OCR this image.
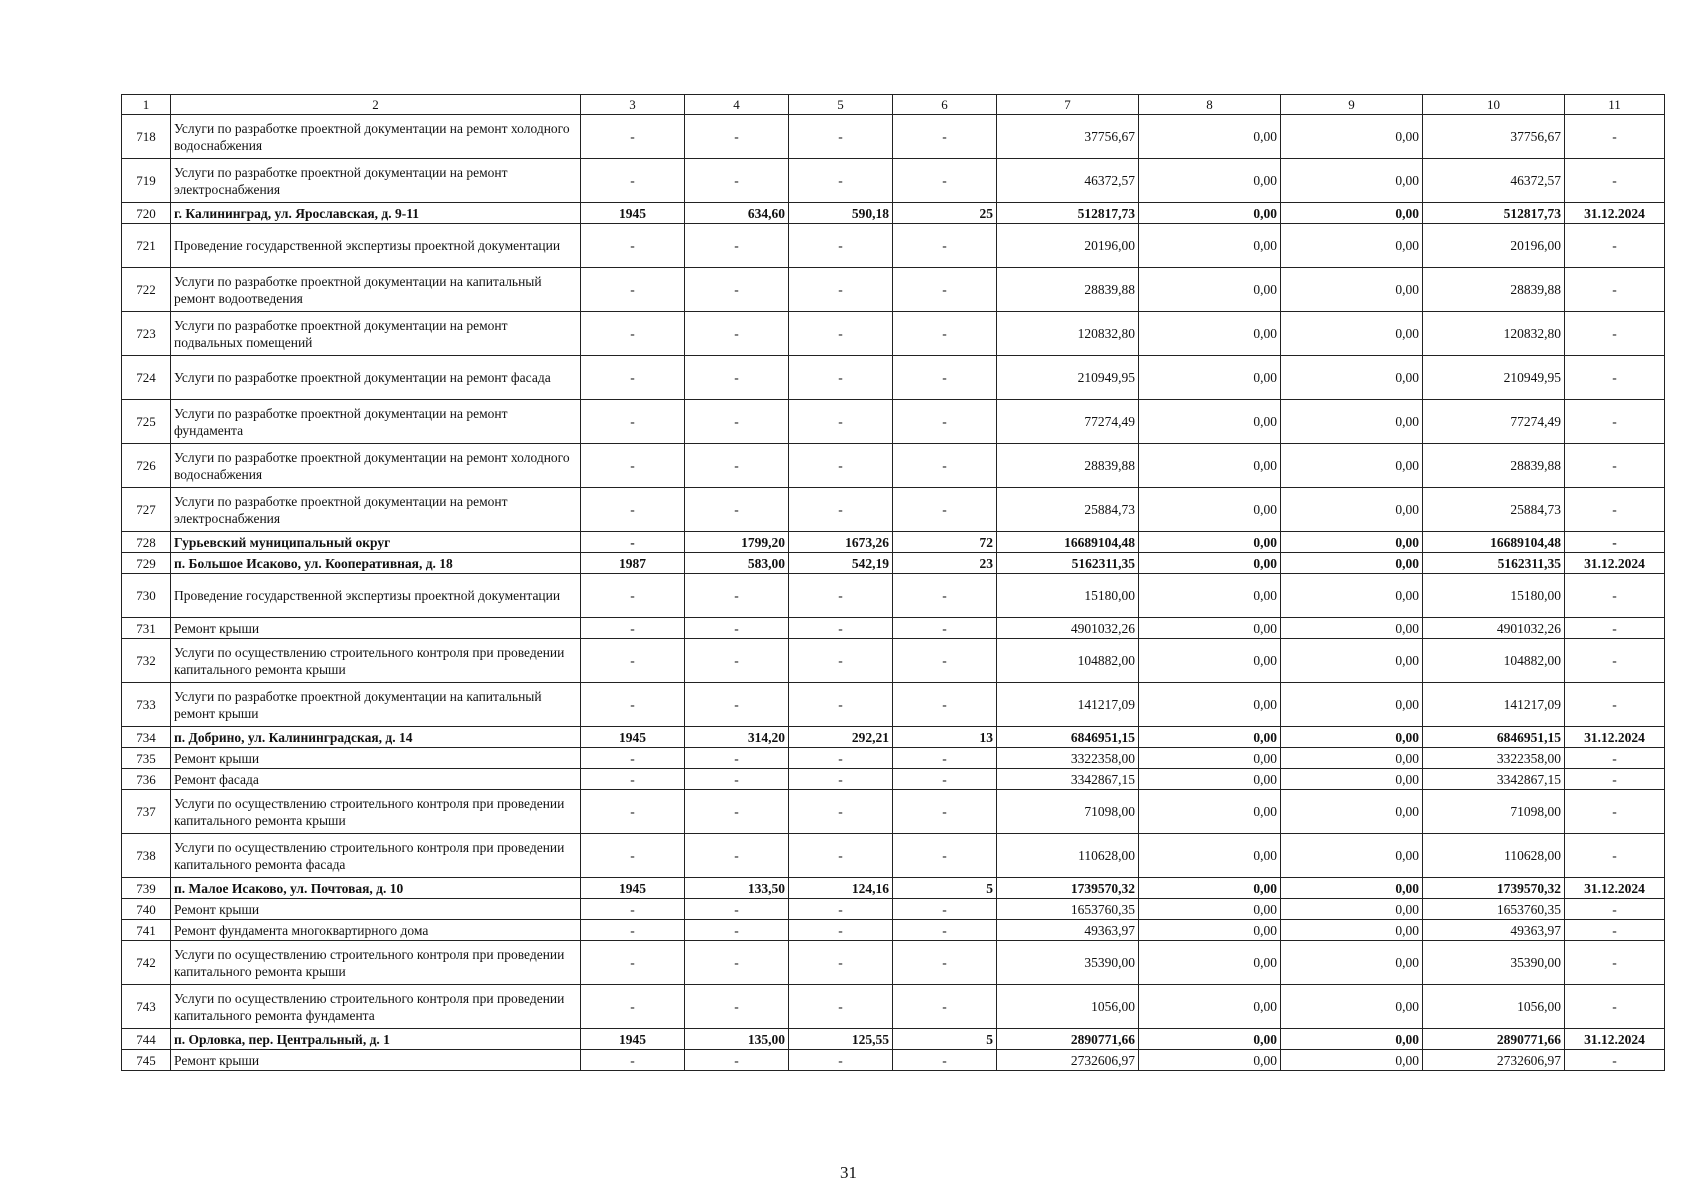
1	2	3	4	5	6	7	8	9	10	11
718	Услуги по разработке проектной документации на ремонт холодного водоснабжения	-	-	-	-	37756,67	0,00	0,00	37756,67	-
719	Услуги по разработке проектной документации на ремонт электроснабжения	-	-	-	-	46372,57	0,00	0,00	46372,57	-
720	г. Калининград, ул. Ярославская, д. 9-11	1945	634,60	590,18	25	512817,73	0,00	0,00	512817,73	31.12.2024
721	Проведение государственной экспертизы проектной документации	-	-	-	-	20196,00	0,00	0,00	20196,00	-
722	Услуги по разработке проектной документации на капитальный ремонт водоотведения	-	-	-	-	28839,88	0,00	0,00	28839,88	-
723	Услуги по разработке проектной документации на ремонт подвальных помещений	-	-	-	-	120832,80	0,00	0,00	120832,80	-
724	Услуги по разработке проектной документации на ремонт фасада	-	-	-	-	210949,95	0,00	0,00	210949,95	-
725	Услуги по разработке проектной документации на ремонт фундамента	-	-	-	-	77274,49	0,00	0,00	77274,49	-
726	Услуги по разработке проектной документации на ремонт холодного водоснабжения	-	-	-	-	28839,88	0,00	0,00	28839,88	-
727	Услуги по разработке проектной документации на ремонт электроснабжения	-	-	-	-	25884,73	0,00	0,00	25884,73	-
728	Гурьевский муниципальный округ	-	1799,20	1673,26	72	16689104,48	0,00	0,00	16689104,48	-
729	п. Большое Исаково, ул. Кооперативная, д. 18	1987	583,00	542,19	23	5162311,35	0,00	0,00	5162311,35	31.12.2024
730	Проведение государственной экспертизы проектной документации	-	-	-	-	15180,00	0,00	0,00	15180,00	-
731	Ремонт крыши	-	-	-	-	4901032,26	0,00	0,00	4901032,26	-
732	Услуги по осуществлению строительного контроля при проведении капитального ремонта крыши	-	-	-	-	104882,00	0,00	0,00	104882,00	-
733	Услуги по разработке проектной документации на капитальный ремонт крыши	-	-	-	-	141217,09	0,00	0,00	141217,09	-
734	п. Добрино, ул. Калининградская, д. 14	1945	314,20	292,21	13	6846951,15	0,00	0,00	6846951,15	31.12.2024
735	Ремонт крыши	-	-	-	-	3322358,00	0,00	0,00	3322358,00	-
736	Ремонт фасада	-	-	-	-	3342867,15	0,00	0,00	3342867,15	-
737	Услуги по осуществлению строительного контроля при проведении капитального ремонта крыши	-	-	-	-	71098,00	0,00	0,00	71098,00	-
738	Услуги по осуществлению строительного контроля при проведении капитального ремонта фасада	-	-	-	-	110628,00	0,00	0,00	110628,00	-
739	п. Малое Исаково, ул. Почтовая, д. 10	1945	133,50	124,16	5	1739570,32	0,00	0,00	1739570,32	31.12.2024
740	Ремонт крыши	-	-	-	-	1653760,35	0,00	0,00	1653760,35	-
741	Ремонт фундамента многоквартирного дома	-	-	-	-	49363,97	0,00	0,00	49363,97	-
742	Услуги по осуществлению строительного контроля при проведении капитального ремонта крыши	-	-	-	-	35390,00	0,00	0,00	35390,00	-
743	Услуги по осуществлению строительного контроля при проведении капитального ремонта фундамента	-	-	-	-	1056,00	0,00	0,00	1056,00	-
744	п. Орловка, пер. Центральный, д. 1	1945	135,00	125,55	5	2890771,66	0,00	0,00	2890771,66	31.12.2024
745	Ремонт крыши	-	-	-	-	2732606,97	0,00	0,00	2732606,97	-
31
